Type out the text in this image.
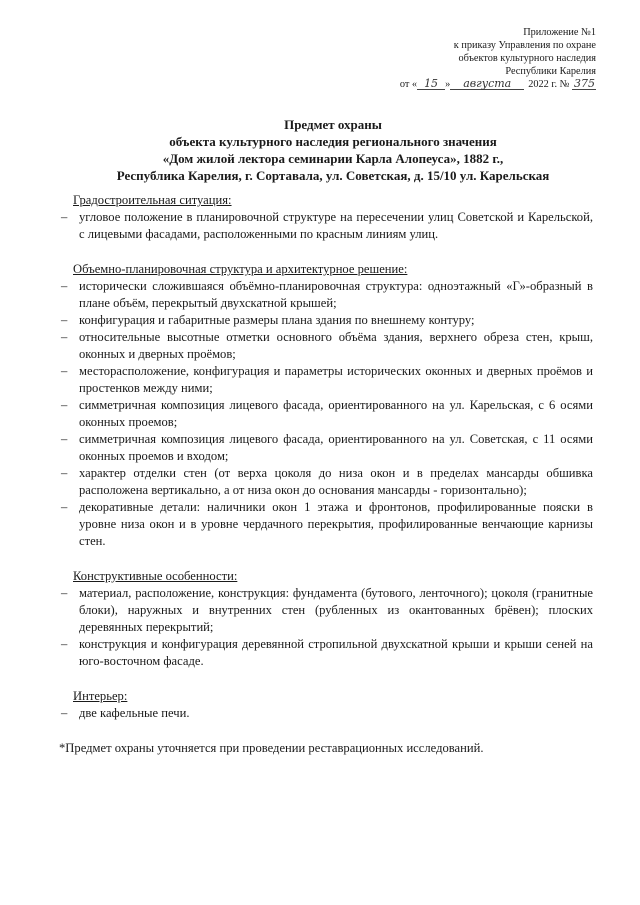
Приложение №1
к приказу Управления по охране
объектов культурного наследия
Республики Карелия
от « 15 » августа 2022 г. № 375
Предмет охраны
объекта культурного наследия регионального значения
«Дом жилой лектора семинарии Карла Алопеуса», 1882 г.,
Республика Карелия, г. Сортавала, ул. Советская, д. 15/10 ул. Карельская

Градостроительная ситуация:

– угловое положение в планировочной структуре на пересечении улиц Советской и Карельской, с лицевыми фасадами, расположенными по красным линиям улиц.

Объемно-планировочная структура и архитектурное решение:

– исторически сложившаяся объёмно-планировочная структура: одноэтажный «Г»-образный в плане объём, перекрытый двухскатной крышей;
– конфигурация и габаритные размеры плана здания по внешнему контуру;
– относительные высотные отметки основного объёма здания, верхнего обреза стен, крыш, оконных и дверных проёмов;
– месторасположение, конфигурация и параметры исторических оконных и дверных проёмов и простенков между ними;
– симметричная композиция лицевого фасада, ориентированного на ул. Карельская, с 6 осями оконных проемов;
– симметричная композиция лицевого фасада, ориентированного на ул. Советская, с 11 осями оконных проемов и входом;
– характер отделки стен (от верха цоколя до низа окон и в пределах мансарды обшивка расположена вертикально, а от низа окон до основания мансарды - горизонтально);
– декоративные детали: наличники окон 1 этажа и фронтонов, профилированные пояски в уровне низа окон и в уровне чердачного перекрытия, профилированные венчающие карнизы стен.

Конструктивные особенности:

– материал, расположение, конструкция: фундамента (бутового, ленточного); цоколя (гранитные блоки), наружных и внутренних стен (рубленных из окантованных брёвен); плоских деревянных перекрытий;
– конструкция и конфигурация деревянной стропильной двухскатной крыши и крыши сеней на юго-восточном фасаде.

Интерьер:

– две кафельные печи.

*Предмет охраны уточняется при проведении реставрационных исследований.
